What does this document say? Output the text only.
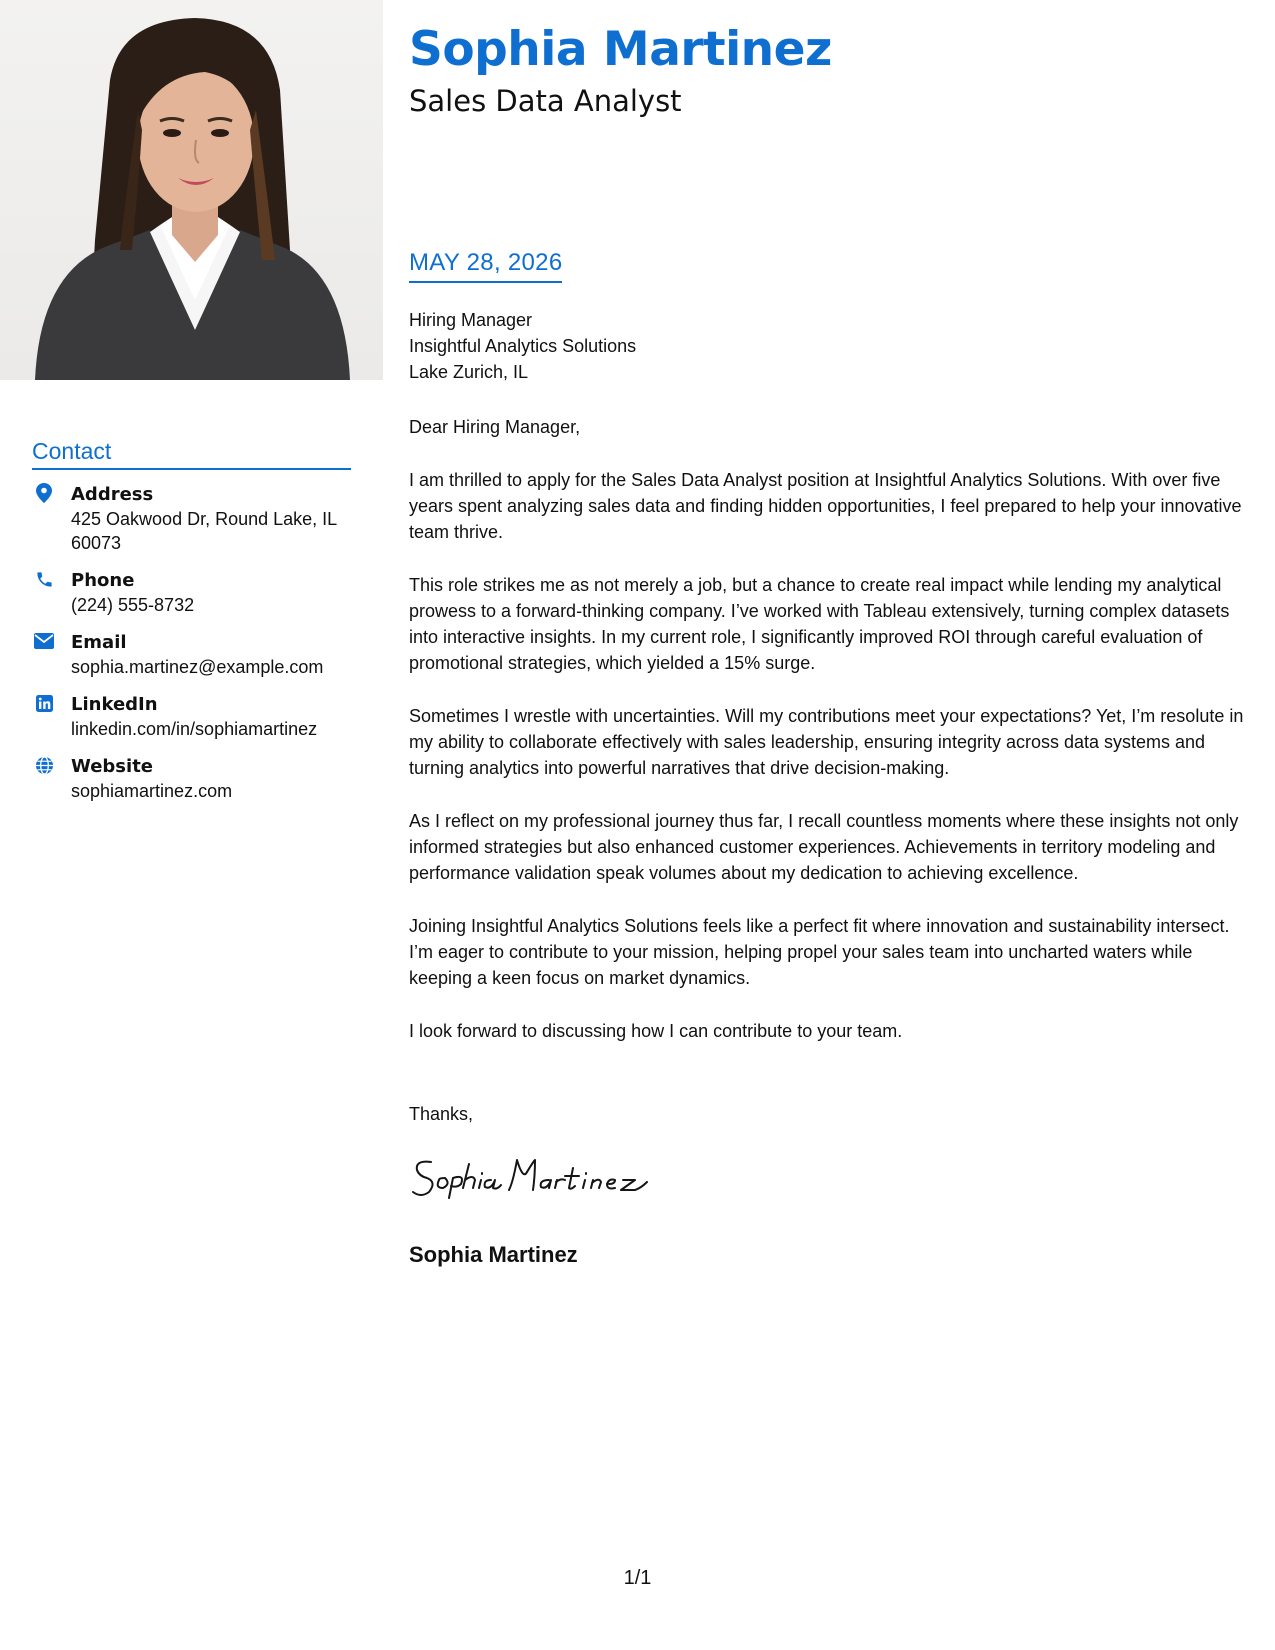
Sophia Martinez
Sales Data Analyst
Contact
Address
425 Oakwood Dr, Round Lake, IL 60073
Phone
(224) 555-8732
Email
sophia.martinez@example.com
LinkedIn
linkedin.com/in/sophiamartinez
Website
sophiamartinez.com
MAY 28, 2026
Hiring Manager
Insightful Analytics Solutions
Lake Zurich, IL
Dear Hiring Manager,

I am thrilled to apply for the Sales Data Analyst position at Insightful Analytics Solutions. With over five years spent analyzing sales data and finding hidden opportunities, I feel prepared to help your innovative team thrive.

This role strikes me as not merely a job, but a chance to create real impact while lending my analytical prowess to a forward-thinking company. I’ve worked with Tableau extensively, turning complex datasets into interactive insights. In my current role, I significantly improved ROI through careful evaluation of promotional strategies, which yielded a 15% surge.

Sometimes I wrestle with uncertainties. Will my contributions meet your expectations? Yet, I’m resolute in my ability to collaborate effectively with sales leadership, ensuring integrity across data systems and turning analytics into powerful narratives that drive decision-making.

As I reflect on my professional journey thus far, I recall countless moments where these insights not only informed strategies but also enhanced customer experiences. Achievements in territory modeling and performance validation speak volumes about my dedication to achieving excellence.

Joining Insightful Analytics Solutions feels like a perfect fit where innovation and sustainability intersect. I’m eager to contribute to your mission, helping propel your sales team into uncharted waters while keeping a keen focus on market dynamics.

I look forward to discussing how I can contribute to your team.

Thanks,
Sophia Martinez
1/1
